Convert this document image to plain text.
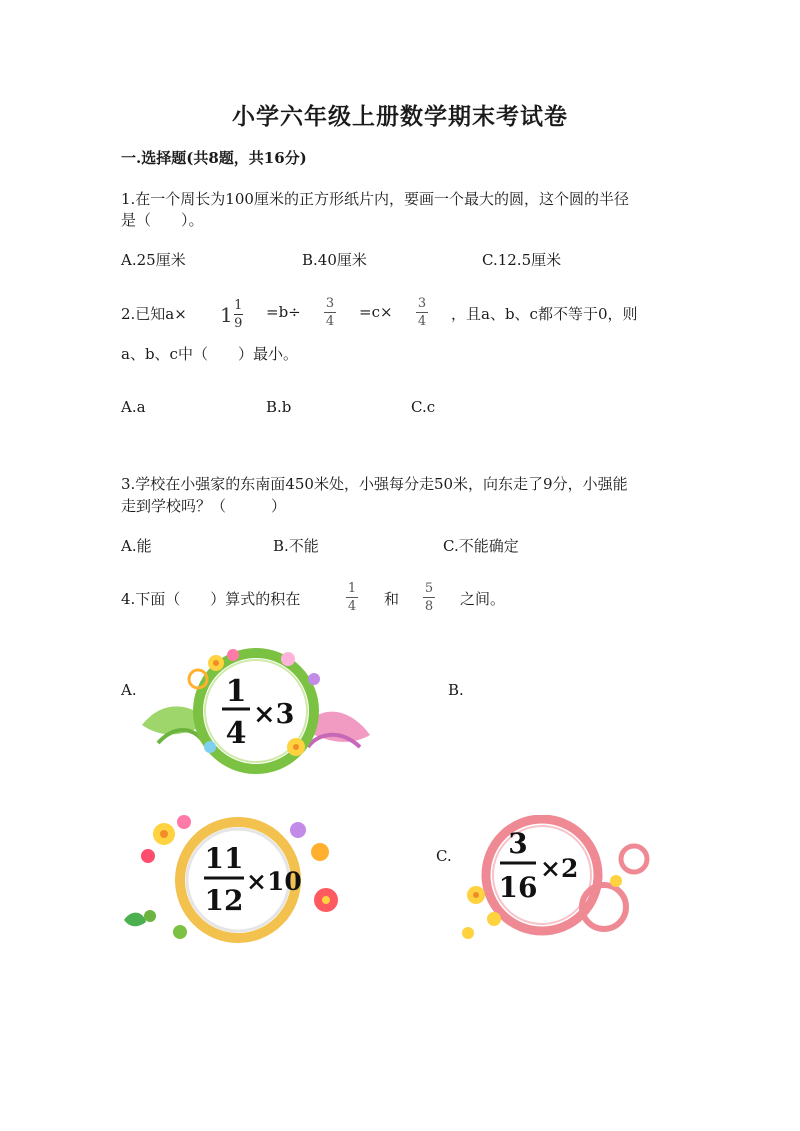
小学六年级上册数学期末考试卷
一.选择题(共8题，共16分)
1.在一个周长为100厘米的正方形纸片内，要画一个最大的圆，这个圆的半径
是（　　）。
A.25厘米	B.40厘米	C.12.5厘米
2.已知$a\times 1 \frac{1}{9} =b\div 3$
4
=c× 3
4 ，且a、b、c都不等于0，则
a、b、c中（　　）最小。
A.a	B.b	C.c
3.学校在小强家的东南面450米处，小强每分走50米，向东走了9分，小强能
走到学校吗？（　　　）
A.能	B.不能	C.不能确定
4.下面（　　）算式的积在
1
4 和
5
8 之间。
A.	B.
C.
1
4
×3
11
12
×10
3
16
×2
